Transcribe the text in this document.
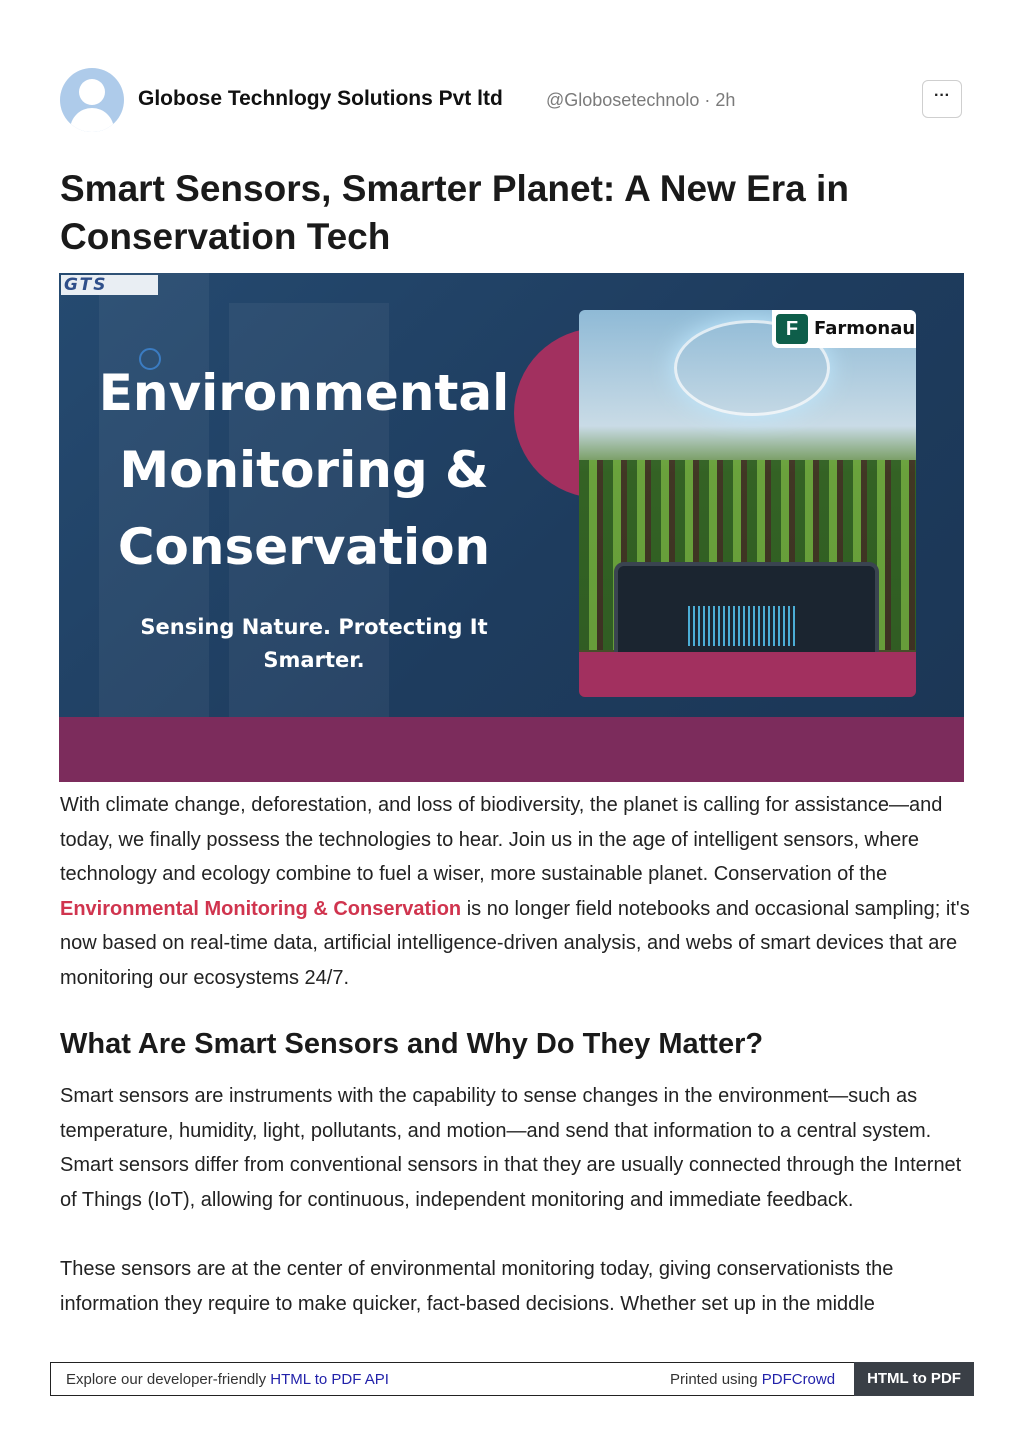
Globose Technlogy Solutions Pvt ltd @Globosetechnolo · 2h	···
Smart Sensors, Smarter Planet: A New Era in Conservation Tech
GTS
Environmental
Monitoring &
Conservation
Sensing Nature. Protecting It
Smarter.
Farmonau
F

With climate change, deforestation, and loss of biodiversity, the planet is calling for assistance—and today, we finally possess the technologies to hear. Join us in the age of intelligent sensors, where technology and ecology combine to fuel a wiser, more sustainable planet. Conservation of the Environmental Monitoring & Conservation is no longer field notebooks and occasional sampling; it's now based on real-time data, artificial intelligence-driven analysis, and webs of smart devices that are monitoring our ecosystems 24/7.

What Are Smart Sensors and Why Do They Matter?

Smart sensors are instruments with the capability to sense changes in the environment—such as temperature, humidity, light, pollutants, and motion—and send that information to a central system. Smart sensors differ from conventional sensors in that they are usually connected through the Internet of Things (IoT), allowing for continuous, independent monitoring and immediate feedback.

These sensors are at the center of environmental monitoring today, giving conservationists the information they require to make quicker, fact-based decisions. Whether set up in the middle

Explore our developer-friendly HTML to PDF API	Printed using PDFCrowd	HTML to PDF
